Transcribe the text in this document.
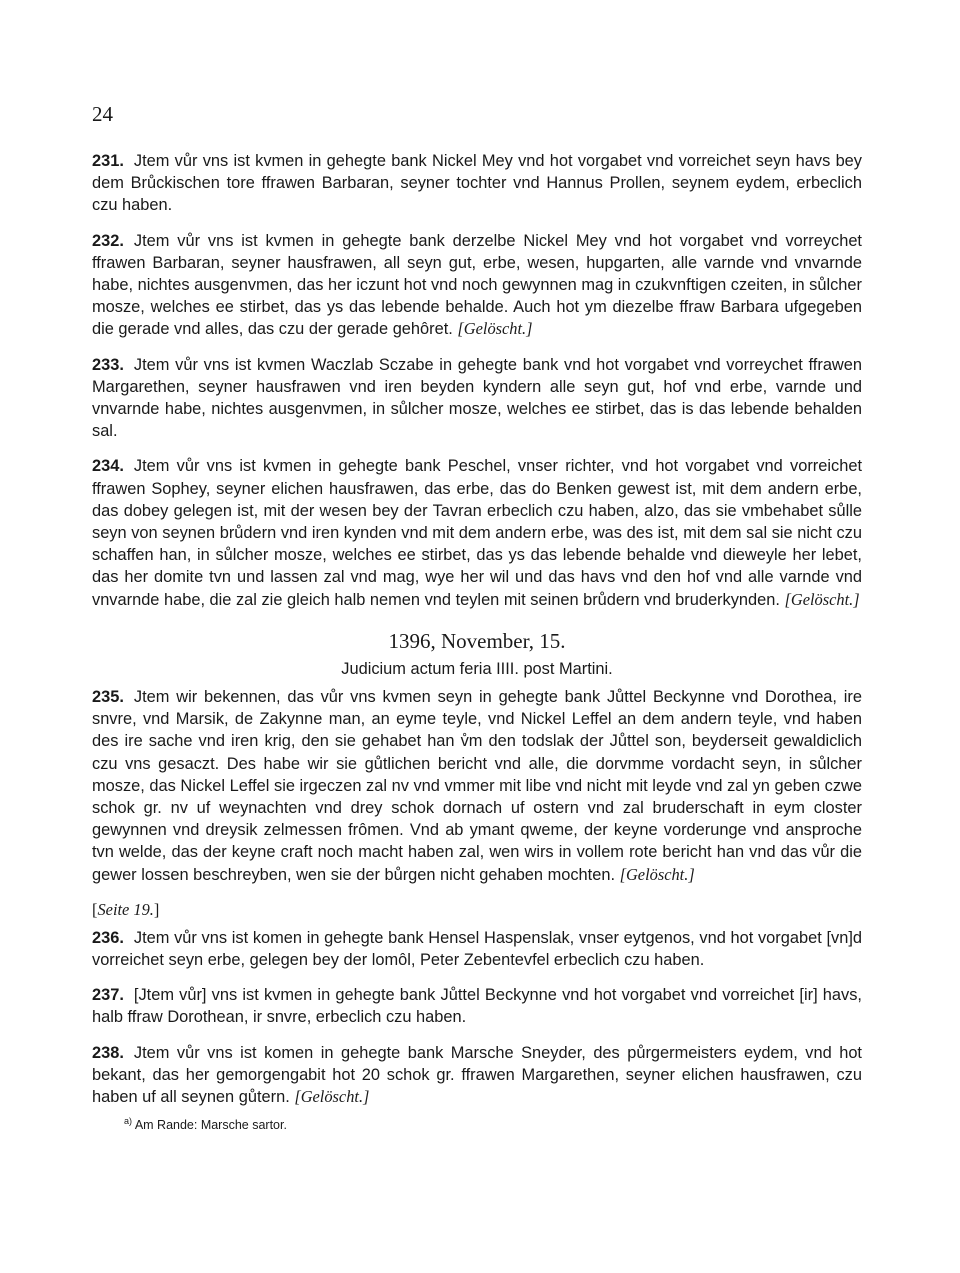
24

231. Jtem vůr vns ist kvmen in gehegte bank Nickel Mey vnd hot vorgabet vnd vorreichet seyn havs bey dem Brůckischen tore ffrawen Barbaran, seyner tochter vnd Hannus Prollen, seynem eydem, erbeclich czu haben.

232. Jtem vůr vns ist kvmen in gehegte bank derzelbe Nickel Mey vnd hot vorgabet vnd vorreychet ffrawen Barbaran, seyner hausfrawen, all seyn gut, erbe, wesen, hupgarten, alle varnde vnd vnvarnde habe, nichtes ausgenvmen, das her iczunt hot vnd noch gewynnen mag in czukvnftigen czeiten, in sůlcher mosze, welches ee stirbet, das ys das lebende behalde. Auch hot ym diezelbe ffraw Barbara ufgegeben die gerade vnd alles, das czu der gerade gehôret. [Gelöscht.]

233. Jtem vůr vns ist kvmen Waczlab Sczabe in gehegte bank vnd hot vorgabet vnd vorreychet ffrawen Margarethen, seyner hausfrawen vnd iren beyden kyndern alle seyn gut, hof vnd erbe, varnde und vnvarnde habe, nichtes ausgenvmen, in sůlcher mosze, welches ee stirbet, das is das lebende behalden sal.

234. Jtem vůr vns ist kvmen in gehegte bank Peschel, vnser richter, vnd hot vorgabet vnd vorreichet ffrawen Sophey, seyner elichen hausfrawen, das erbe, das do Benken gewest ist, mit dem andern erbe, das dobey gelegen ist, mit der wesen bey der Tavran erbeclich czu haben, alzo, das sie vmbehabet sůlle seyn von seynen brůdern vnd iren kynden vnd mit dem andern erbe, was des ist, mit dem sal sie nicht czu schaffen han, in sůlcher mosze, welches ee stirbet, das ys das lebende behalde vnd dieweyle her lebet, das her domite tvn und lassen zal vnd mag, wye her wil und das havs vnd den hof vnd alle varnde vnd vnvarnde habe, die zal zie gleich halb nemen vnd teylen mit seinen brůdern vnd bruderkynden. [Gelöscht.]

1396, November, 15.
Judicium actum feria IIII. post Martini.

235. Jtem wir bekennen, das vůr vns kvmen seyn in gehegte bank Jůttel Beckynne vnd Dorothea, ire snvre, vnd Marsik, de Zakynne man, an eyme teyle, vnd Nickel Leffel an dem andern teyle, vnd haben des ire sache vnd iren krig, den sie gehabet han v̊m den todslak der Jůttel son, beyderseit gewaldiclich czu vns gesaczt. Des habe wir sie gůtlichen bericht vnd alle, die dorvmme vordacht seyn, in sůlcher mosze, das Nickel Leffel sie irgeczen zal nv vnd vmmer mit libe vnd nicht mit leyde vnd zal yn geben czwe schok gr. nv uf weynachten vnd drey schok dornach uf ostern vnd zal bruderschaft in eym closter gewynnen vnd dreysik zelmessen frômen. Vnd ab ymant qweme, der keyne vorderunge vnd ansproche tvn welde, das der keyne craft noch macht haben zal, wen wirs in vollem rote bericht han vnd das vůr die gewer lossen beschreyben, wen sie der bůrgen nicht gehaben mochten. [Gelöscht.]

[Seite 19.]

236. Jtem vůr vns ist komen in gehegte bank Hensel Haspenslak, vnser eytgenos, vnd hot vorgabet [vn]d vorreichet seyn erbe, gelegen bey der lomôl, Peter Zebentevfel erbeclich czu haben.

237. [Jtem vůr] vns ist kvmen in gehegte bank Jůttel Beckynne vnd hot vorgabet vnd vorreichet [ir] havs, halb ffraw Dorothean, ir snvre, erbeclich czu haben.

238. Jtem vůr vns ist komen in gehegte bank Marsche Sneyder, des půrgermeisters eydem, vnd hot bekant, das her gemorgengabit hot 20 schok gr. ffrawen Margarethen, seyner elichen hausfrawen, czu haben uf all seynen gůtern. [Gelöscht.]

$^{a)}$ Am Rande: Marsche sartor.
